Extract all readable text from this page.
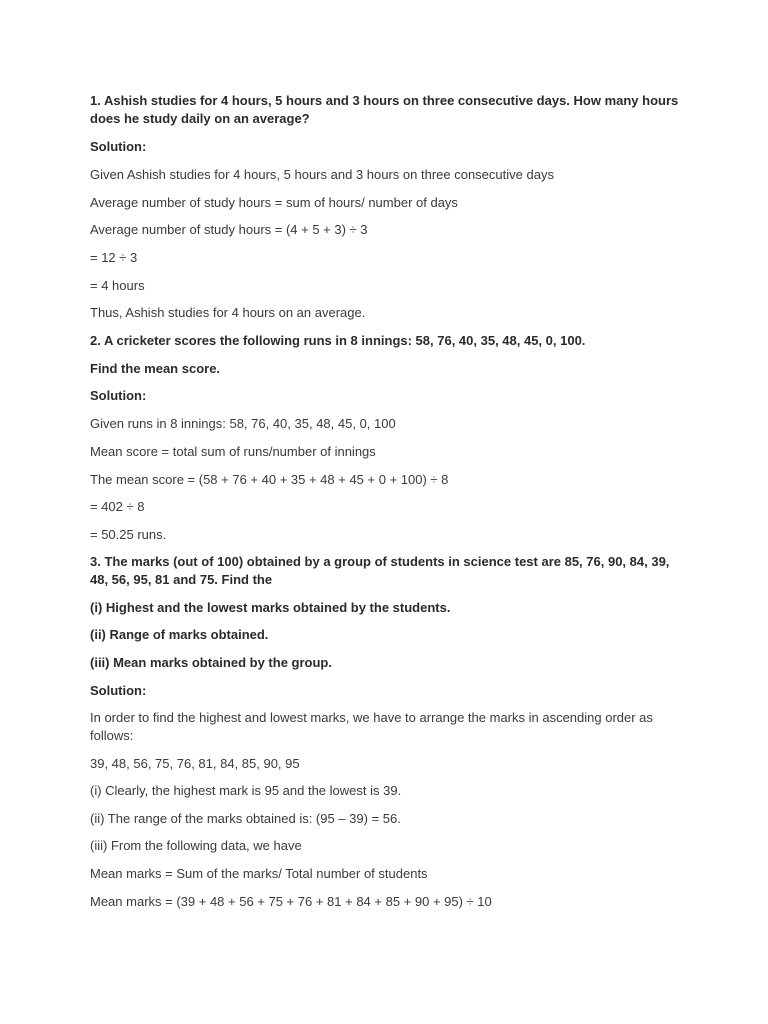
1. Ashish studies for 4 hours, 5 hours and 3 hours on three consecutive days. How many hours does he study daily on an average?

Solution:

Given Ashish studies for 4 hours, 5 hours and 3 hours on three consecutive days

Average number of study hours = sum of hours/ number of days

Average number of study hours = (4 + 5 + 3) ÷ 3

= 12 ÷ 3

= 4 hours

Thus, Ashish studies for 4 hours on an average.

2. A cricketer scores the following runs in 8 innings: 58, 76, 40, 35, 48, 45, 0, 100.

Find the mean score.

Solution:

Given runs in 8 innings: 58, 76, 40, 35, 48, 45, 0, 100

Mean score = total sum of runs/number of innings

The mean score = (58 + 76 + 40 + 35 + 48 + 45 + 0 + 100) ÷ 8

= 402 ÷ 8

= 50.25 runs.

3. The marks (out of 100) obtained by a group of students in science test are 85, 76, 90, 84, 39, 48, 56, 95, 81 and 75. Find the

(i) Highest and the lowest marks obtained by the students.

(ii) Range of marks obtained.

(iii) Mean marks obtained by the group.

Solution:

In order to find the highest and lowest marks, we have to arrange the marks in ascending order as follows:

39, 48, 56, 75, 76, 81, 84, 85, 90, 95

(i) Clearly, the highest mark is 95 and the lowest is 39.

(ii) The range of the marks obtained is: (95 – 39) = 56.

(iii) From the following data, we have

Mean marks = Sum of the marks/ Total number of students

Mean marks = (39 + 48 + 56 + 75 + 76 + 81 + 84 + 85 + 90 + 95) ÷ 10
